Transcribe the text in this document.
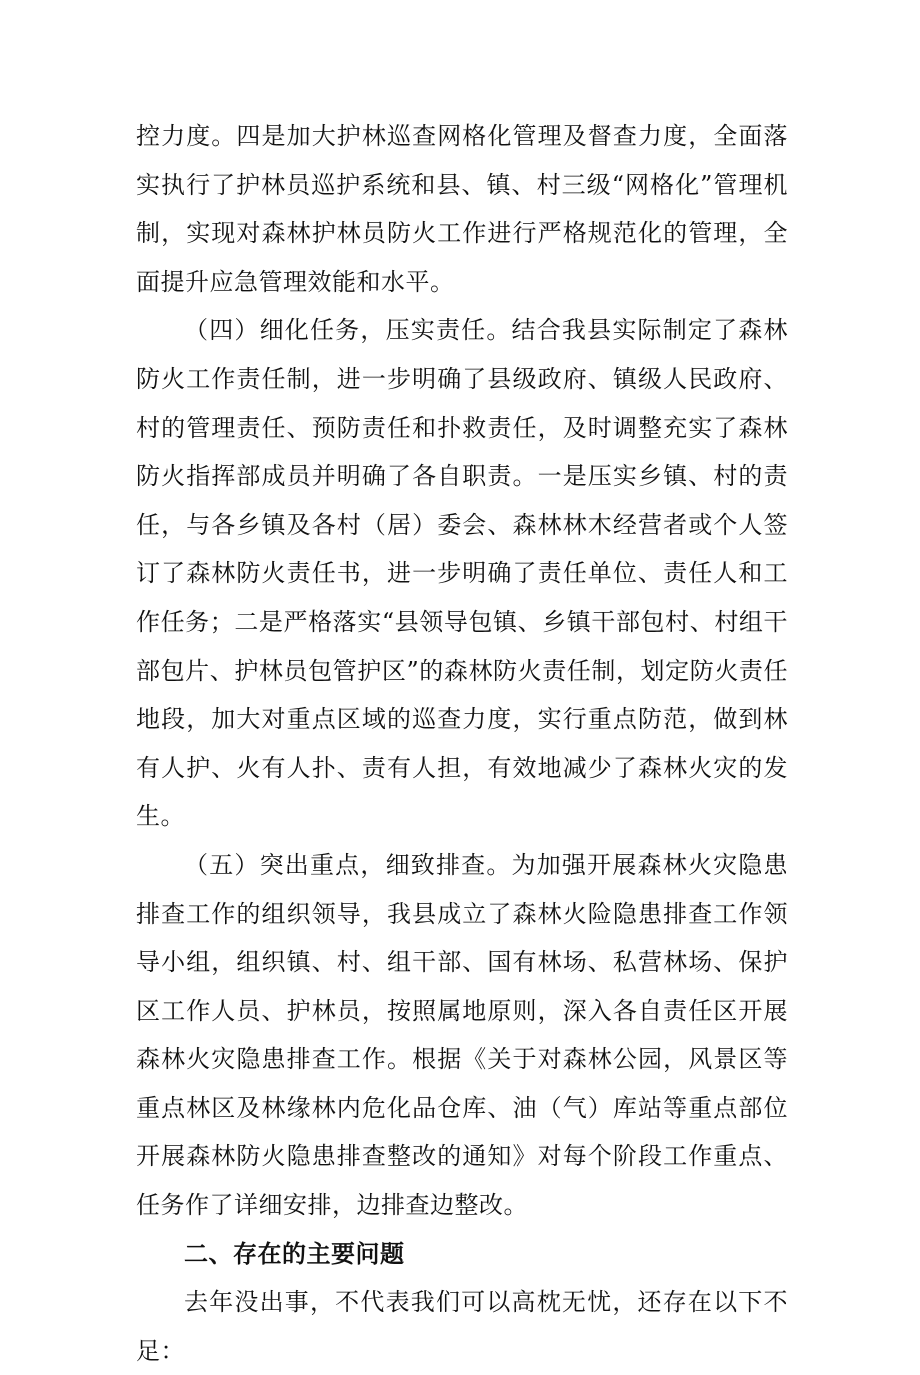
控力度。四是加大护林巡查网格化管理及督查力度，全面落实执行了护林员巡护系统和县、镇、村三级“网格化”管理机制，实现对森林护林员防火工作进行严格规范化的管理，全面提升应急管理效能和水平。

（四）细化任务，压实责任。结合我县实际制定了森林防火工作责任制，进一步明确了县级政府、镇级人民政府、村的管理责任、预防责任和扑救责任，及时调整充实了森林防火指挥部成员并明确了各自职责。一是压实乡镇、村的责任，与各乡镇及各村（居）委会、森林林木经营者或个人签订了森林防火责任书，进一步明确了责任单位、责任人和工作任务；二是严格落实“县领导包镇、乡镇干部包村、村组干部包片、护林员包管护区”的森林防火责任制，划定防火责任地段，加大对重点区域的巡查力度，实行重点防范，做到林有人护、火有人扑、责有人担，有效地减少了森林火灾的发生。

（五）突出重点，细致排查。为加强开展森林火灾隐患排查工作的组织领导，我县成立了森林火险隐患排查工作领导小组，组织镇、村、组干部、国有林场、私营林场、保护区工作人员、护林员，按照属地原则，深入各自责任区开展森林火灾隐患排查工作。根据《关于对森林公园，风景区等重点林区及林缘林内危化品仓库、油（气）库站等重点部位开展森林防火隐患排查整改的通知》对每个阶段工作重点、任务作了详细安排，边排查边整改。

二、存在的主要问题

去年没出事，不代表我们可以高枕无忧，还存在以下不足：
